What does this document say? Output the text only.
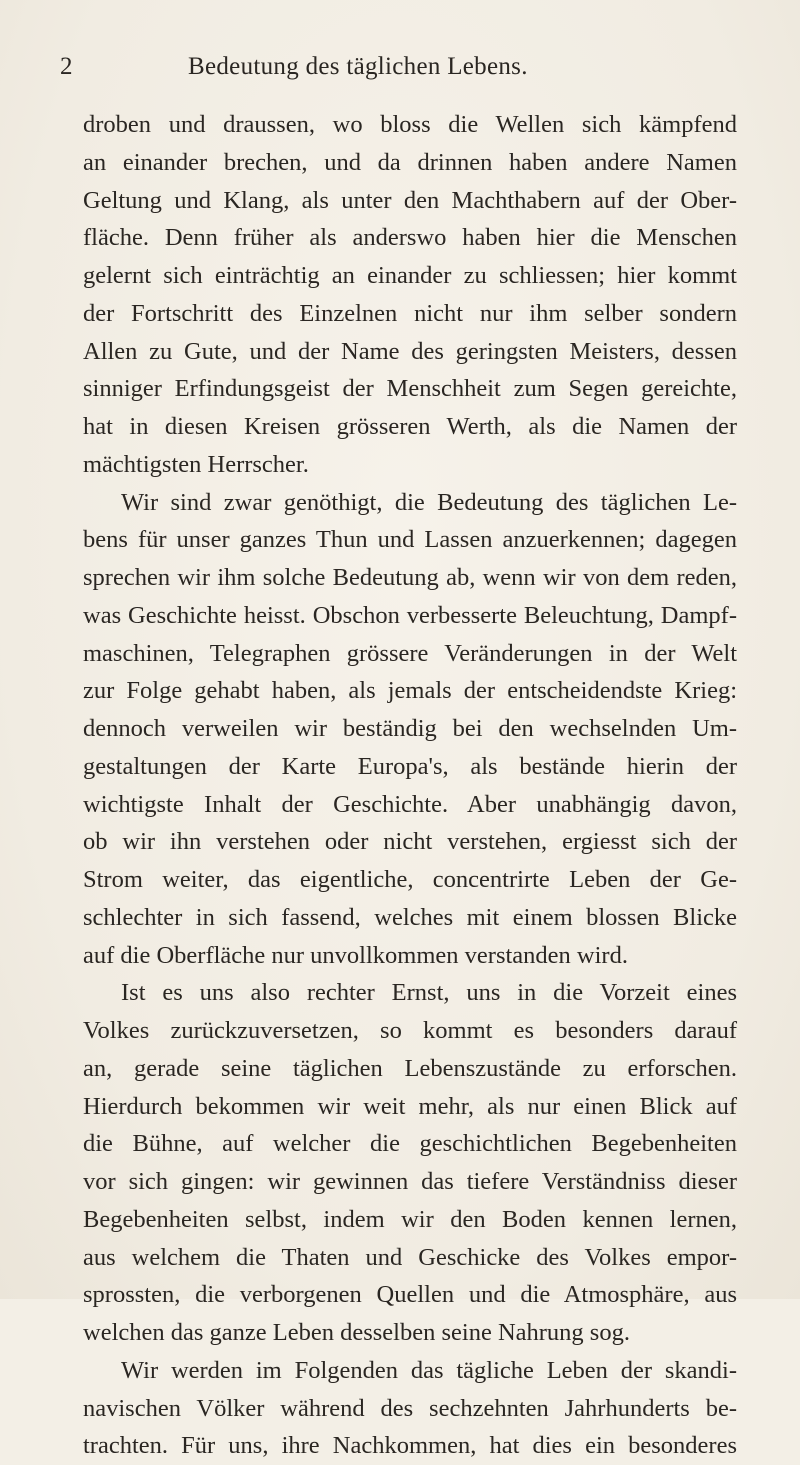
2	Bedeutung des täglichen Lebens.
droben und draussen, wo bloss die Wellen sich kämpfend
an einander brechen, und da drinnen haben andere Namen
Geltung und Klang, als unter den Machthabern auf der Ober-
fläche. Denn früher als anderswo haben hier die Menschen
gelernt sich einträchtig an einander zu schliessen; hier kommt
der Fortschritt des Einzelnen nicht nur ihm selber sondern
Allen zu Gute, und der Name des geringsten Meisters, dessen
sinniger Erfindungsgeist der Menschheit zum Segen gereichte,
hat in diesen Kreisen grösseren Werth, als die Namen der
mächtigsten Herrscher.
Wir sind zwar genöthigt, die Bedeutung des täglichen Le-
bens für unser ganzes Thun und Lassen anzuerkennen; dagegen
sprechen wir ihm solche Bedeutung ab, wenn wir von dem reden,
was Geschichte heisst. Obschon verbesserte Beleuchtung, Dampf-
maschinen, Telegraphen grössere Veränderungen in der Welt
zur Folge gehabt haben, als jemals der entscheidendste Krieg:
dennoch verweilen wir beständig bei den wechselnden Um-
gestaltungen der Karte Europa's, als bestände hierin der
wichtigste Inhalt der Geschichte. Aber unabhängig davon,
ob wir ihn verstehen oder nicht verstehen, ergiesst sich der
Strom weiter, das eigentliche, concentrirte Leben der Ge-
schlechter in sich fassend, welches mit einem blossen Blicke
auf die Oberfläche nur unvollkommen verstanden wird.
Ist es uns also rechter Ernst, uns in die Vorzeit eines
Volkes zurückzuversetzen, so kommt es besonders darauf
an, gerade seine täglichen Lebenszustände zu erforschen.
Hierdurch bekommen wir weit mehr, als nur einen Blick auf
die Bühne, auf welcher die geschichtlichen Begebenheiten
vor sich gingen: wir gewinnen das tiefere Verständniss dieser
Begebenheiten selbst, indem wir den Boden kennen lernen,
aus welchem die Thaten und Geschicke des Volkes empor-
sprossten, die verborgenen Quellen und die Atmosphäre, aus
welchen das ganze Leben desselben seine Nahrung sog.
Wir werden im Folgenden das tägliche Leben der skandi-
navischen Völker während des sechzehnten Jahrhunderts be-
trachten. Für uns, ihre Nachkommen, hat dies ein besonderes
